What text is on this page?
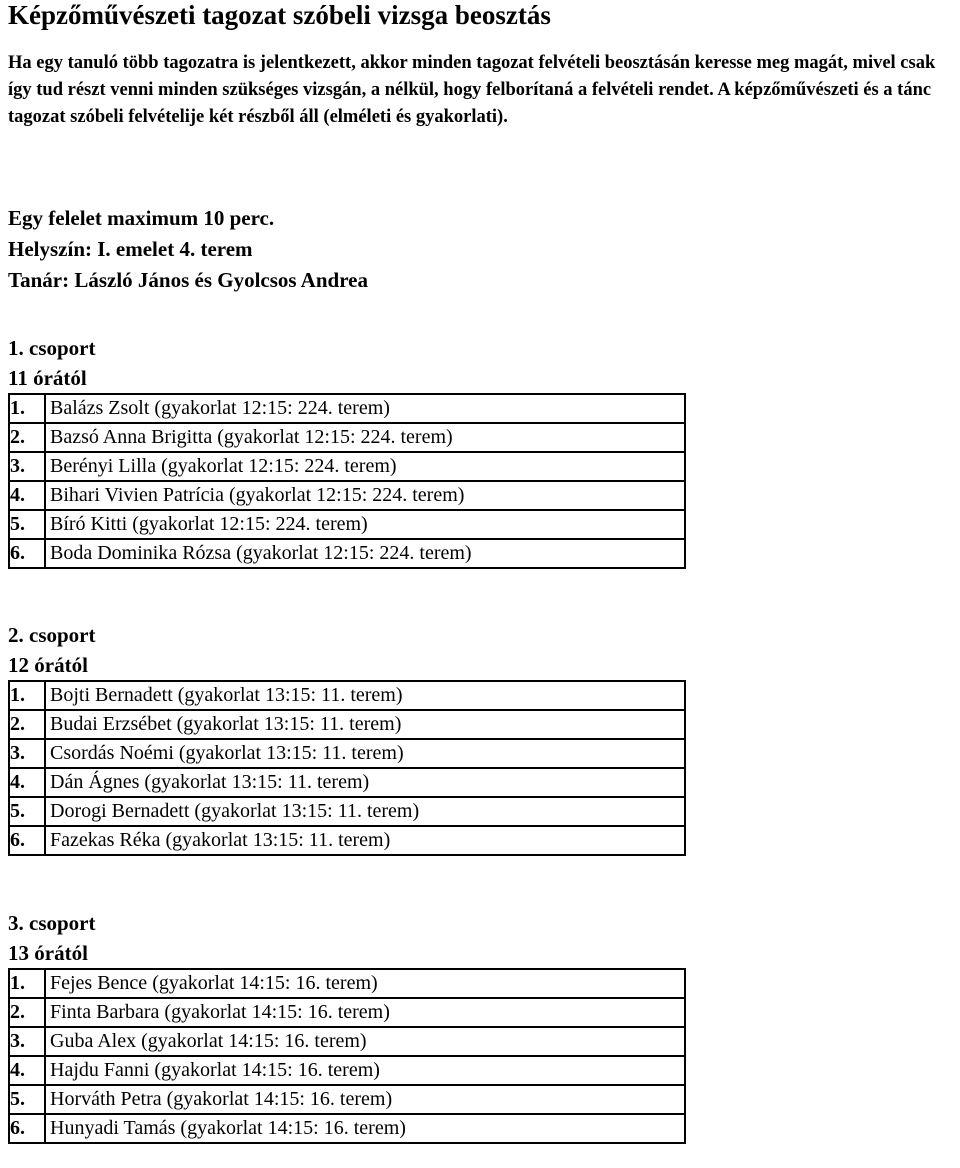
Képzőművészeti tagozat szóbeli vizsga beosztás
Ha egy tanuló több tagozatra is jelentkezett, akkor minden tagozat felvételi beosztásán keresse meg magát, mivel csak így tud részt venni minden szükséges vizsgán, a nélkül, hogy felborítaná a felvételi rendet. A képzőművészeti és a tánc tagozat szóbeli felvételije két részből áll (elméleti és gyakorlati).
Egy felelet maximum 10 perc.
Helyszín: I. emelet 4. terem
Tanár: László János és Gyolcsos Andrea
1. csoport
11 órától
1.	Balázs Zsolt (gyakorlat 12:15: 224. terem)
2.	Bazsó Anna Brigitta (gyakorlat 12:15: 224. terem)
3.	Berényi Lilla (gyakorlat 12:15: 224. terem)
4.	Bihari Vivien Patrícia (gyakorlat 12:15: 224. terem)
5.	Bíró Kitti (gyakorlat 12:15: 224. terem)
6.	Boda Dominika Rózsa (gyakorlat 12:15: 224. terem)
2. csoport
12 órától
1.	Bojti Bernadett (gyakorlat 13:15: 11. terem)
2.	Budai Erzsébet (gyakorlat 13:15: 11. terem)
3.	Csordás Noémi (gyakorlat 13:15: 11. terem)
4.	Dán Ágnes (gyakorlat 13:15: 11. terem)
5.	Dorogi Bernadett (gyakorlat 13:15: 11. terem)
6.	Fazekas Réka (gyakorlat 13:15: 11. terem)
3. csoport
13 órától
1.	Fejes Bence (gyakorlat 14:15: 16. terem)
2.	Finta Barbara (gyakorlat 14:15: 16. terem)
3.	Guba Alex (gyakorlat 14:15: 16. terem)
4.	Hajdu Fanni (gyakorlat 14:15: 16. terem)
5.	Horváth Petra (gyakorlat 14:15: 16. terem)
6.	Hunyadi Tamás (gyakorlat 14:15: 16. terem)
